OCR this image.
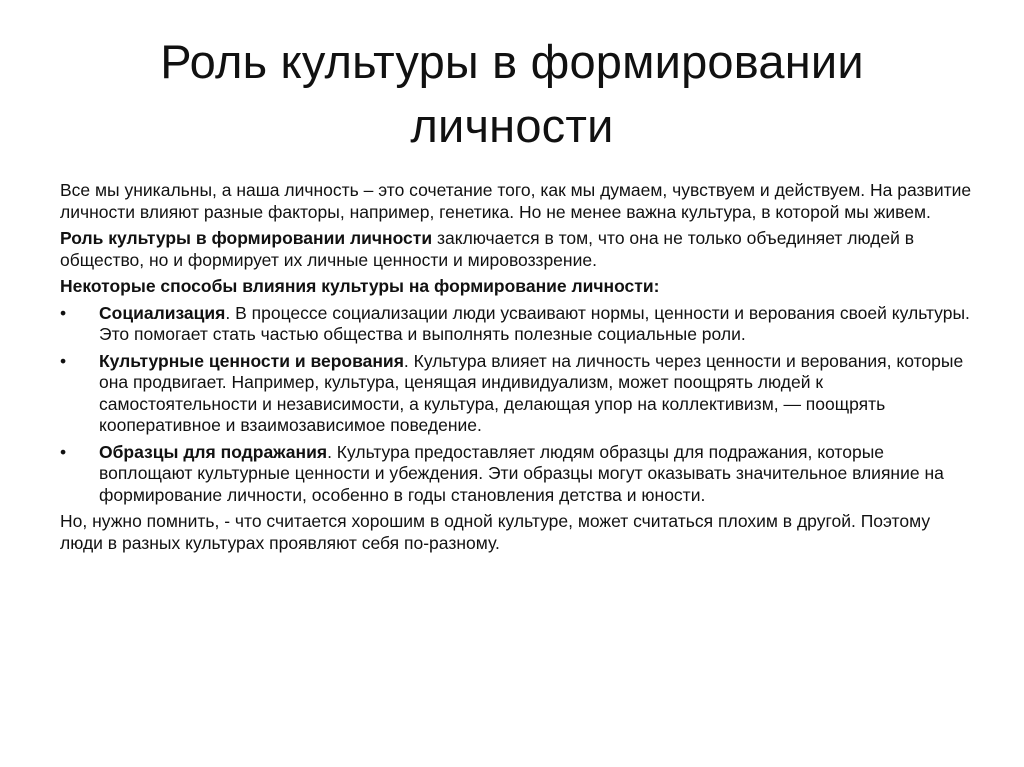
Роль культуры в формировании
личности

Все мы уникальны, а наша личность – это сочетание того, как мы думаем, чувствуем и действуем. На развитие личности влияют разные факторы, например, генетика. Но не менее важна культура, в которой мы живем.

Роль культуры в формировании личности заключается в том, что она не только объединяет людей в общество, но и формирует их личные ценности и мировоззрение.

Некоторые способы влияния культуры на формирование личности:

• Социализация. В процессе социализации люди усваивают нормы, ценности и верования своей культуры. Это помогает стать частью общества и выполнять полезные социальные роли.
• Культурные ценности и верования. Культура влияет на личность через ценности и верования, которые она продвигает. Например, культура, ценящая индивидуализм, может поощрять людей к самостоятельности и независимости, а культура, делающая упор на коллективизм, — поощрять кооперативное и взаимозависимое поведение.
• Образцы для подражания. Культура предоставляет людям образцы для подражания, которые воплощают культурные ценности и убеждения. Эти образцы могут оказывать значительное влияние на формирование личности, особенно в годы становления детства и юности.

Но, нужно помнить, - что считается хорошим в одной культуре, может считаться плохим в другой. Поэтому люди в разных культурах проявляют себя по-разному.
